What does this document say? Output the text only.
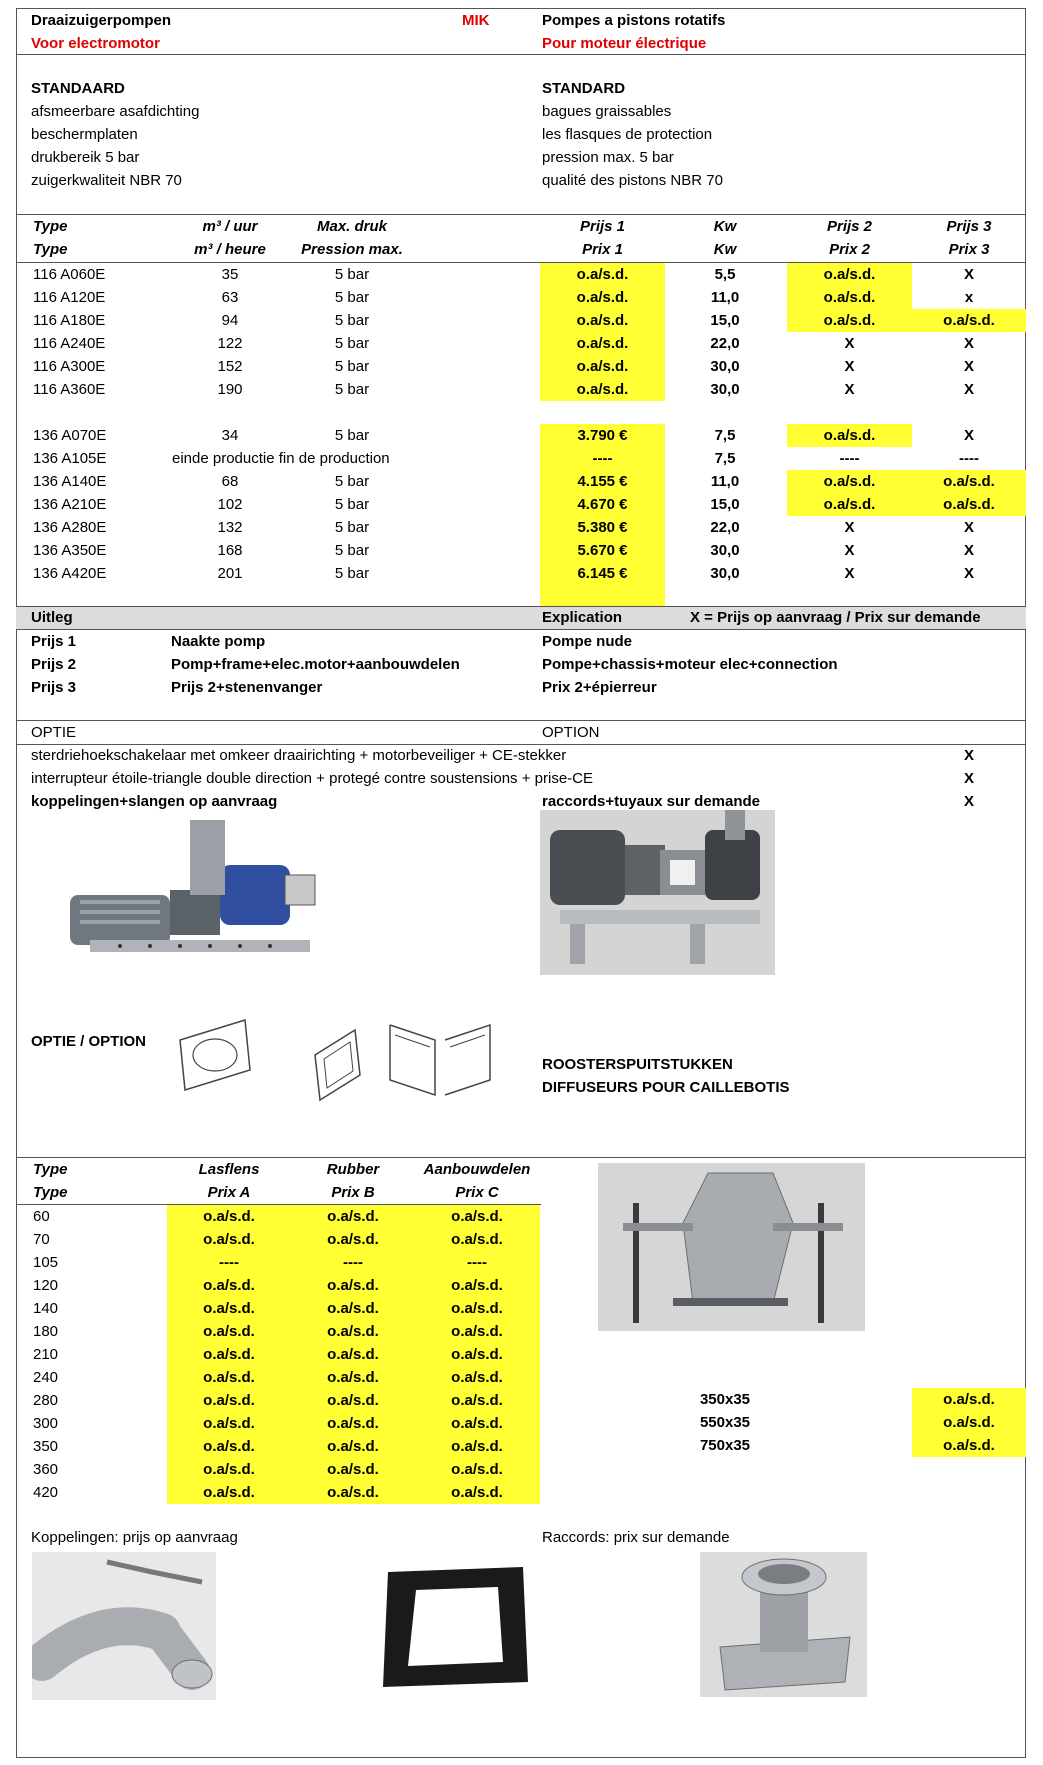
Draaizuigerpompen	MIK	Pompes a pistons rotatifs
Voor electromotor	Pour moteur électrique
STANDAARD	STANDARD
afsmeerbare asafdichting
beschermplaten
drukbereik 5 bar
zuigerkwaliteit NBR 70
bagues graissables
les flasques de protection
pression max. 5 bar
qualité des pistons NBR 70
Type	m³ / uur	Max. druk	Prijs 1	Kw	Prijs 2	Prijs 3
Type	m³ / heure	Pression max.	Prix 1	Kw	Prix 2	Prix 3
116 A060E	35	5 bar	o.a/s.d.	5,5	o.a/s.d.	X
116 A120E	63	5 bar	o.a/s.d.	11,0	o.a/s.d.	x
116 A180E	94	5 bar	o.a/s.d.	15,0	o.a/s.d.	o.a/s.d.
116 A240E	122	5 bar	o.a/s.d.	22,0	X	X
116 A300E	152	5 bar	o.a/s.d.	30,0	X	X
116 A360E	190	5 bar	o.a/s.d.	30,0	X	X
136 A070E	34	5 bar	3.790 €	7,5	o.a/s.d.	X
136 A105E	einde productie fin de production	----	7,5	----	----
136 A140E	68	5 bar	4.155 €	11,0	o.a/s.d.	o.a/s.d.
136 A210E	102	5 bar	4.670 €	15,0	o.a/s.d.	o.a/s.d.
136 A280E	132	5 bar	5.380 €	22,0	X	X
136 A350E	168	5 bar	5.670 €	30,0	X	X
136 A420E	201	5 bar	6.145 €	30,0	X	X
Uitleg	Explication	X = Prijs op aanvraag / Prix sur demande
Prijs 1	Naakte pomp	Pompe nude
Prijs 2	Pomp+frame+elec.motor+aanbouwdelen	Pompe+chassis+moteur elec+connection
Prijs 3	Prijs 2+stenenvanger	Prix 2+épierreur
OPTIE	OPTION
sterdriehoekschakelaar met omkeer draairichting + motorbeveiliger + CE-stekker	X
interrupteur étoile-triangle double direction + protegé contre soustensions + prise-CE	X
koppelingen+slangen op aanvraag	raccords+tuyaux sur demande	X
OPTIE / OPTION
ROOSTERSPUITSTUKKEN
DIFFUSEURS POUR CAILLEBOTIS
Type	Lasflens	Rubber	Aanbouwdelen
Type	Prix A	Prix B	Prix C
60	o.a/s.d.	o.a/s.d.	o.a/s.d.
70	o.a/s.d.	o.a/s.d.	o.a/s.d.
105	----	----	----
120	o.a/s.d.	o.a/s.d.	o.a/s.d.
140	o.a/s.d.	o.a/s.d.	o.a/s.d.
180	o.a/s.d.	o.a/s.d.	o.a/s.d.
210	o.a/s.d.	o.a/s.d.	o.a/s.d.
240	o.a/s.d.	o.a/s.d.	o.a/s.d.
280	o.a/s.d.	o.a/s.d.	o.a/s.d.
300	o.a/s.d.	o.a/s.d.	o.a/s.d.
350	o.a/s.d.	o.a/s.d.	o.a/s.d.
360	o.a/s.d.	o.a/s.d.	o.a/s.d.
420	o.a/s.d.	o.a/s.d.	o.a/s.d.
350x35	o.a/s.d.
550x35	o.a/s.d.
750x35	o.a/s.d.
Koppelingen: prijs op aanvraag	Raccords: prix sur demande
